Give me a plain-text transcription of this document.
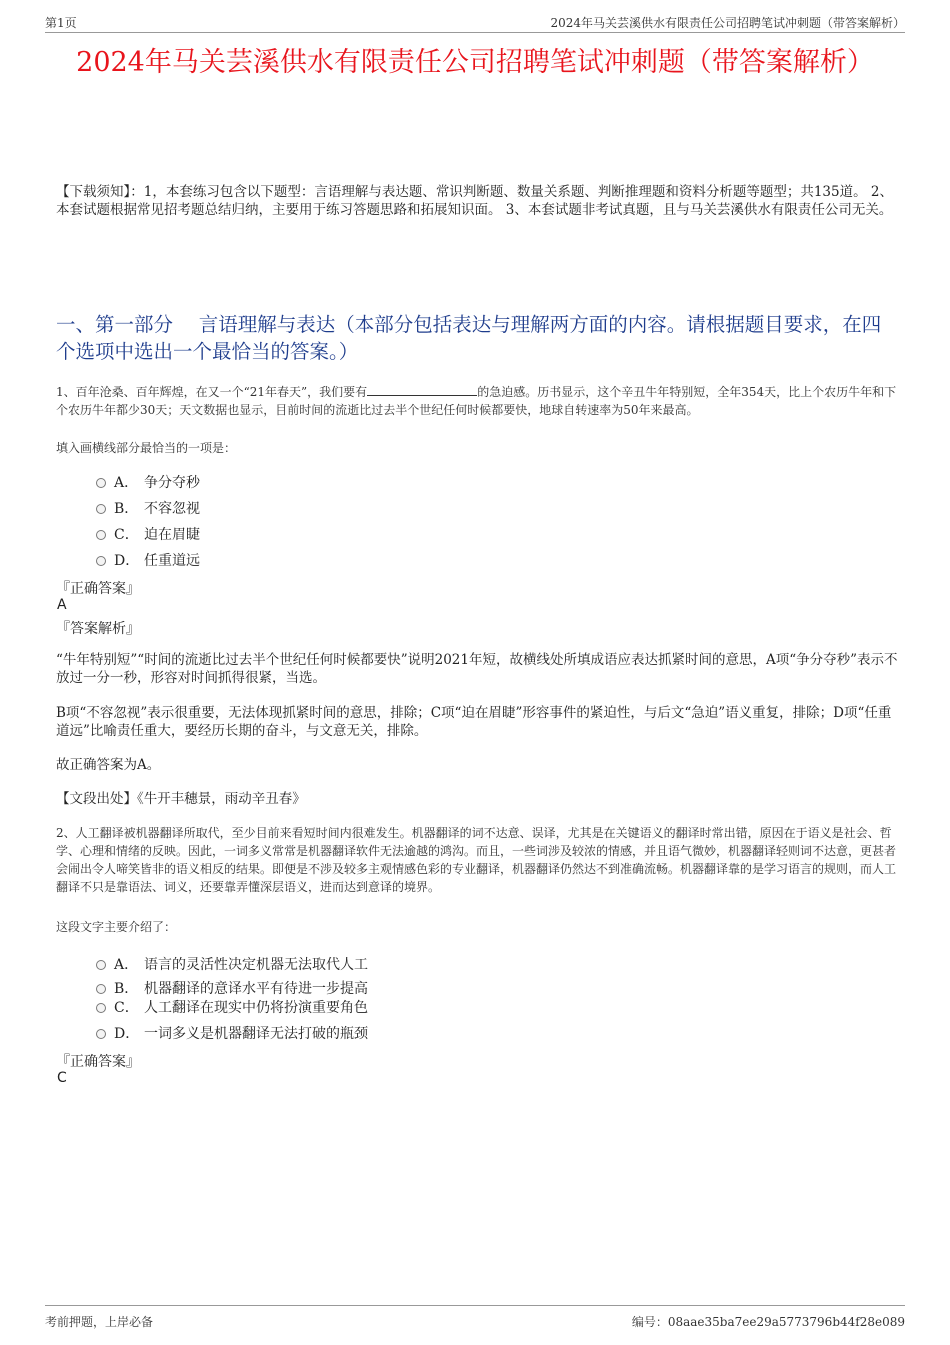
第1页	2024年马关芸溪供水有限责任公司招聘笔试冲刺题（带答案解析）
2024年马关芸溪供水有限责任公司招聘笔试冲刺题（带答案解析）
【下载须知】：1，本套练习包含以下题型：言语理解与表达题、常识判断题、数量关系题、判断推理题和资料分析题等题型；共135道。 2、本套试题根据常见招考题总结归纳，主要用于练习答题思路和拓展知识面。 3、本套试题非考试真题，且与马关芸溪供水有限责任公司无关。
一、第一部分　 言语理解与表达（本部分包括表达与理解两方面的内容。请根据题目要求，在四个选项中选出一个最恰当的答案。）
1、百年沧桑、百年辉煌，在又一个“21年春天”，我们要有	的急迫感。历书显示，这个辛丑牛年特别短，全年354天，比上个农历牛年和下个农历牛年都少30天；天文数据也显示，目前时间的流逝比过去半个世纪任何时候都要快，地球自转速率为50年来最高。
填入画横线部分最恰当的一项是：
A． 争分夺秒
B． 不容忽视
C． 迫在眉睫
D． 任重道远
『正确答案』
A
『答案解析』
“牛年特别短”“时间的流逝比过去半个世纪任何时候都要快”说明2021年短，故横线处所填成语应表达抓紧时间的意思，A项“争分夺秒”表示不放过一分一秒，形容对时间抓得很紧，当选。
B项“不容忽视”表示很重要，无法体现抓紧时间的意思，排除；C项“迫在眉睫”形容事件的紧迫性，与后文“急迫”语义重复，排除；D项“任重道远”比喻责任重大，要经历长期的奋斗，与文意无关，排除。
故正确答案为A。
【文段出处】《牛开丰穗景，雨动辛丑春》
2、人工翻译被机器翻译所取代，至少目前来看短时间内很难发生。机器翻译的词不达意、误译，尤其是在关键语义的翻译时常出错，原因在于语义是社会、哲学、心理和情绪的反映。因此，一词多义常常是机器翻译软件无法逾越的鸿沟。而且，一些词涉及较浓的情感，并且语气微妙，机器翻译轻则词不达意，更甚者会闹出令人啼笑皆非的语义相反的结果。即便是不涉及较多主观情感色彩的专业翻译，机器翻译仍然达不到准确流畅。机器翻译靠的是学习语言的规则，而人工翻译不只是靠语法、词义，还要靠弄懂深层语义，进而达到意译的境界。
这段文字主要介绍了：
A． 语言的灵活性决定机器无法取代人工
B． 机器翻译的意译水平有待进一步提高
C． 人工翻译在现实中仍将扮演重要角色
D． 一词多义是机器翻译无法打破的瓶颈
『正确答案』
C
考前押题，上岸必备	编号：08aae35ba7ee29a5773796b44f28e089
